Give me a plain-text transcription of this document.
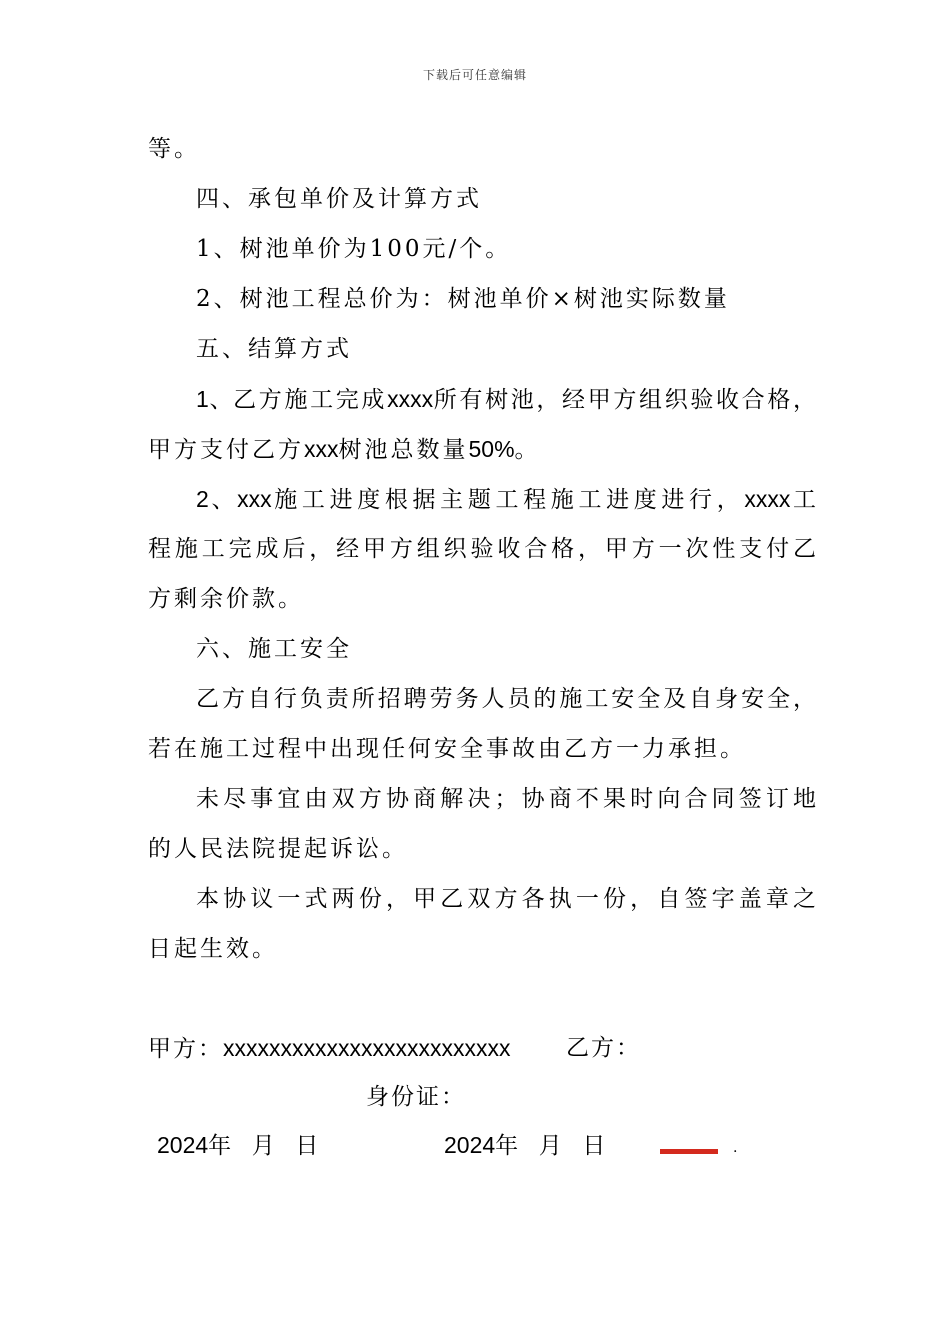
下载后可任意编辑
等。
四、承包单价及计算方式
1、树池单价为100元/个。
2、树池工程总价为：树池单价×树池实际数量
五、结算方式
1、乙方施工完成xxxx所有树池，经甲方组织验收合格，
甲方支付乙方xxx树池总数量50%。
2、xxx施工进度根据主题工程施工进度进行，xxxx工
程施工完成后，经甲方组织验收合格，甲方一次性支付乙
方剩余价款。
六、施工安全
乙方自行负责所招聘劳务人员的施工安全及自身安全，
若在施工过程中出现任何安全事故由乙方一力承担。
未尽事宜由双方协商解决；协商不果时向合同签订地
的人民法院提起诉讼。
本协议一式两份，甲乙双方各执一份，自签字盖章之
日起生效。
甲方：xxxxxxxxxxxxxxxxxxxxxxxxx 乙方：
身份证：
2024年  月  日	2024年  月  日	.
